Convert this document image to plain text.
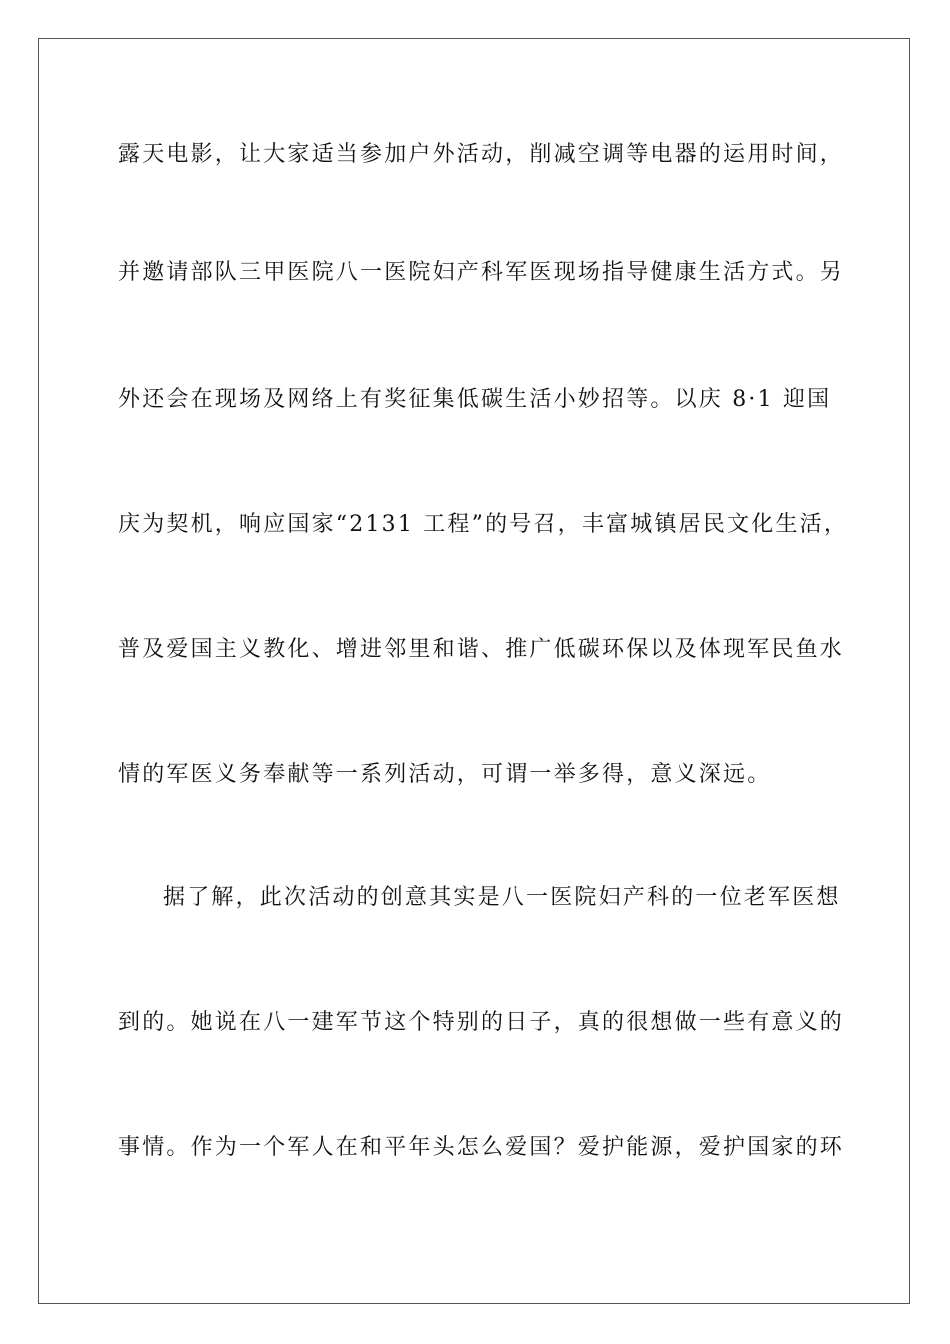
露天电影，让大家适当参加户外活动，削减空调等电器的运用时间，
并邀请部队三甲医院八一医院妇产科军医现场指导健康生活方式。另
外还会在现场及网络上有奖征集低碳生活小妙招等。以庆 8·1 迎国
庆为契机，响应国家“2131 工程”的号召，丰富城镇居民文化生活，
普及爱国主义教化、增进邻里和谐、推广低碳环保以及体现军民鱼水
情的军医义务奉献等一系列活动，可谓一举多得，意义深远。
据了解，此次活动的创意其实是八一医院妇产科的一位老军医想
到的。她说在八一建军节这个特别的日子，真的很想做一些有意义的
事情。作为一个军人在和平年头怎么爱国？爱护能源，爱护国家的环
